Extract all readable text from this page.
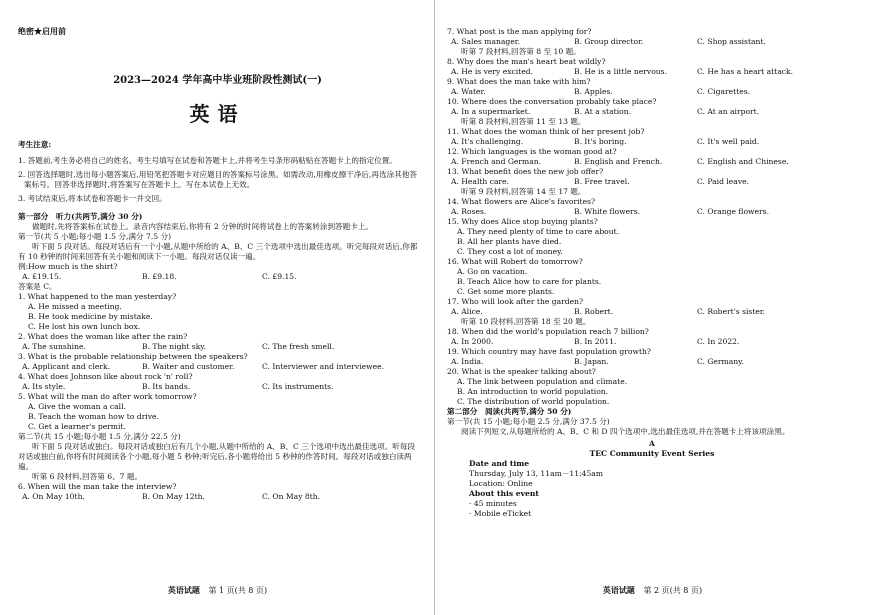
绝密★启用前
2023—2024 学年高中毕业班阶段性测试(一)
英语
考生注意:
1. 答题前,考生务必将自己的姓名、考生号填写在试卷和答题卡上,并将考生号条形码粘贴在答题卡上的指定位置。
2. 回答选择题时,选出每小题答案后,用铅笔把答题卡对应题目的答案标号涂黑。如需改动,用橡皮擦干净后,再选涂其他答案标号。回答非选择题时,将答案写在答题卡上。写在本试卷上无效。
3. 考试结束后,将本试卷和答题卡一并交回。
第一部分　听力(共两节,满分 30 分)
做题时,先将答案标在试卷上。录音内容结束后,你将有 2 分钟的时间将试卷上的答案转涂到答题卡上。
第一节(共 5 小题;每小题 1.5 分,满分 7.5 分)
听下面 5 段对话。每段对话后有一个小题,从题中所给的 A、B、C 三个选项中选出最佳选项。听完每段对话后,你都有 10 秒钟的时间来回答有关小题和阅读下一小题。每段对话仅读一遍。
例:How much is the shirt?
A. £19.15.	B. £9.18.	C. £9.15.
答案是 C。
1. What happened to the man yesterday?
A. He missed a meeting.
B. He took medicine by mistake.
C. He lost his own lunch box.
2. What does the woman like after the rain?
A. The sunshine.	B. The night sky.	C. The fresh smell.
3. What is the probable relationship between the speakers?
A. Applicant and clerk.	B. Waiter and customer.	C. Interviewer and interviewee.
4. What does Johnson like about rock 'n' roll?
A. Its style.	B. Its bands.	C. Its instruments.
5. What will the man do after work tomorrow?
A. Give the woman a call.
B. Teach the woman how to drive.
C. Get a learner's permit.
第二节(共 15 小题;每小题 1.5 分,满分 22.5 分)
听下面 5 段对话或独白。每段对话或独白后有几个小题,从题中所给的 A、B、C 三个选项中选出最佳选项。听每段对话或独白前,你将有时间阅读各个小题,每小题 5 秒钟;听完后,各小题将给出 5 秒钟的作答时间。每段对话或独白读两遍。
听第 6 段材料,回答第 6、7 题。
6. When will the man take the interview?
A. On May 10th.	B. On May 12th.	C. On May 8th.
英语试题 第 1 页(共 8 页)
7. What post is the man applying for?
A. Sales manager.	B. Group director.	C. Shop assistant.
听第 7 段材料,回答第 8 至 10 题。
8. Why does the man's heart beat wildly?
A. He is very excited.	B. He is a little nervous.	C. He has a heart attack.
9. What does the man take with him?
A. Water.	B. Apples.	C. Cigarettes.
10. Where does the conversation probably take place?
A. In a supermarket.	B. At a station.	C. At an airport.
听第 8 段材料,回答第 11 至 13 题。
11. What does the woman think of her present job?
A. It's challenging.	B. It's boring.	C. It's well paid.
12. Which languages is the woman good at?
A. French and German.	B. English and French.	C. English and Chinese.
13. What benefit does the new job offer?
A. Health care.	B. Free travel.	C. Paid leave.
听第 9 段材料,回答第 14 至 17 题。
14. What flowers are Alice's favorites?
A. Roses.	B. White flowers.	C. Orange flowers.
15. Why does Alice stop buying plants?
A. They need plenty of time to care about.
B. All her plants have died.
C. They cost a lot of money.
16. What will Robert do tomorrow?
A. Go on vacation.
B. Teach Alice how to care for plants.
C. Get some more plants.
17. Who will look after the garden?
A. Alice.	B. Robert.	C. Robert's sister.
听第 10 段材料,回答第 18 至 20 题。
18. When did the world's population reach 7 billion?
A. In 2000.	B. In 2011.	C. In 2022.
19. Which country may have fast population growth?
A. India.	B. Japan.	C. Germany.
20. What is the speaker talking about?
A. The link between population and climate.
B. An introduction to world population.
C. The distribution of world population.
第二部分　阅读(共两节,满分 50 分)
第一节(共 15 小题;每小题 2.5 分,满分 37.5 分)
阅读下列短文,从每题所给的 A、B、C 和 D 四个选项中,选出最佳选项,并在答题卡上将该项涂黑。
A
TEC Community Event Series
Date and time
Thursday, July 13, 11am－11:45am
Location: Online
About this event
· 45 minutes
· Mobile eTicket
英语试题 第 2 页(共 8 页)
